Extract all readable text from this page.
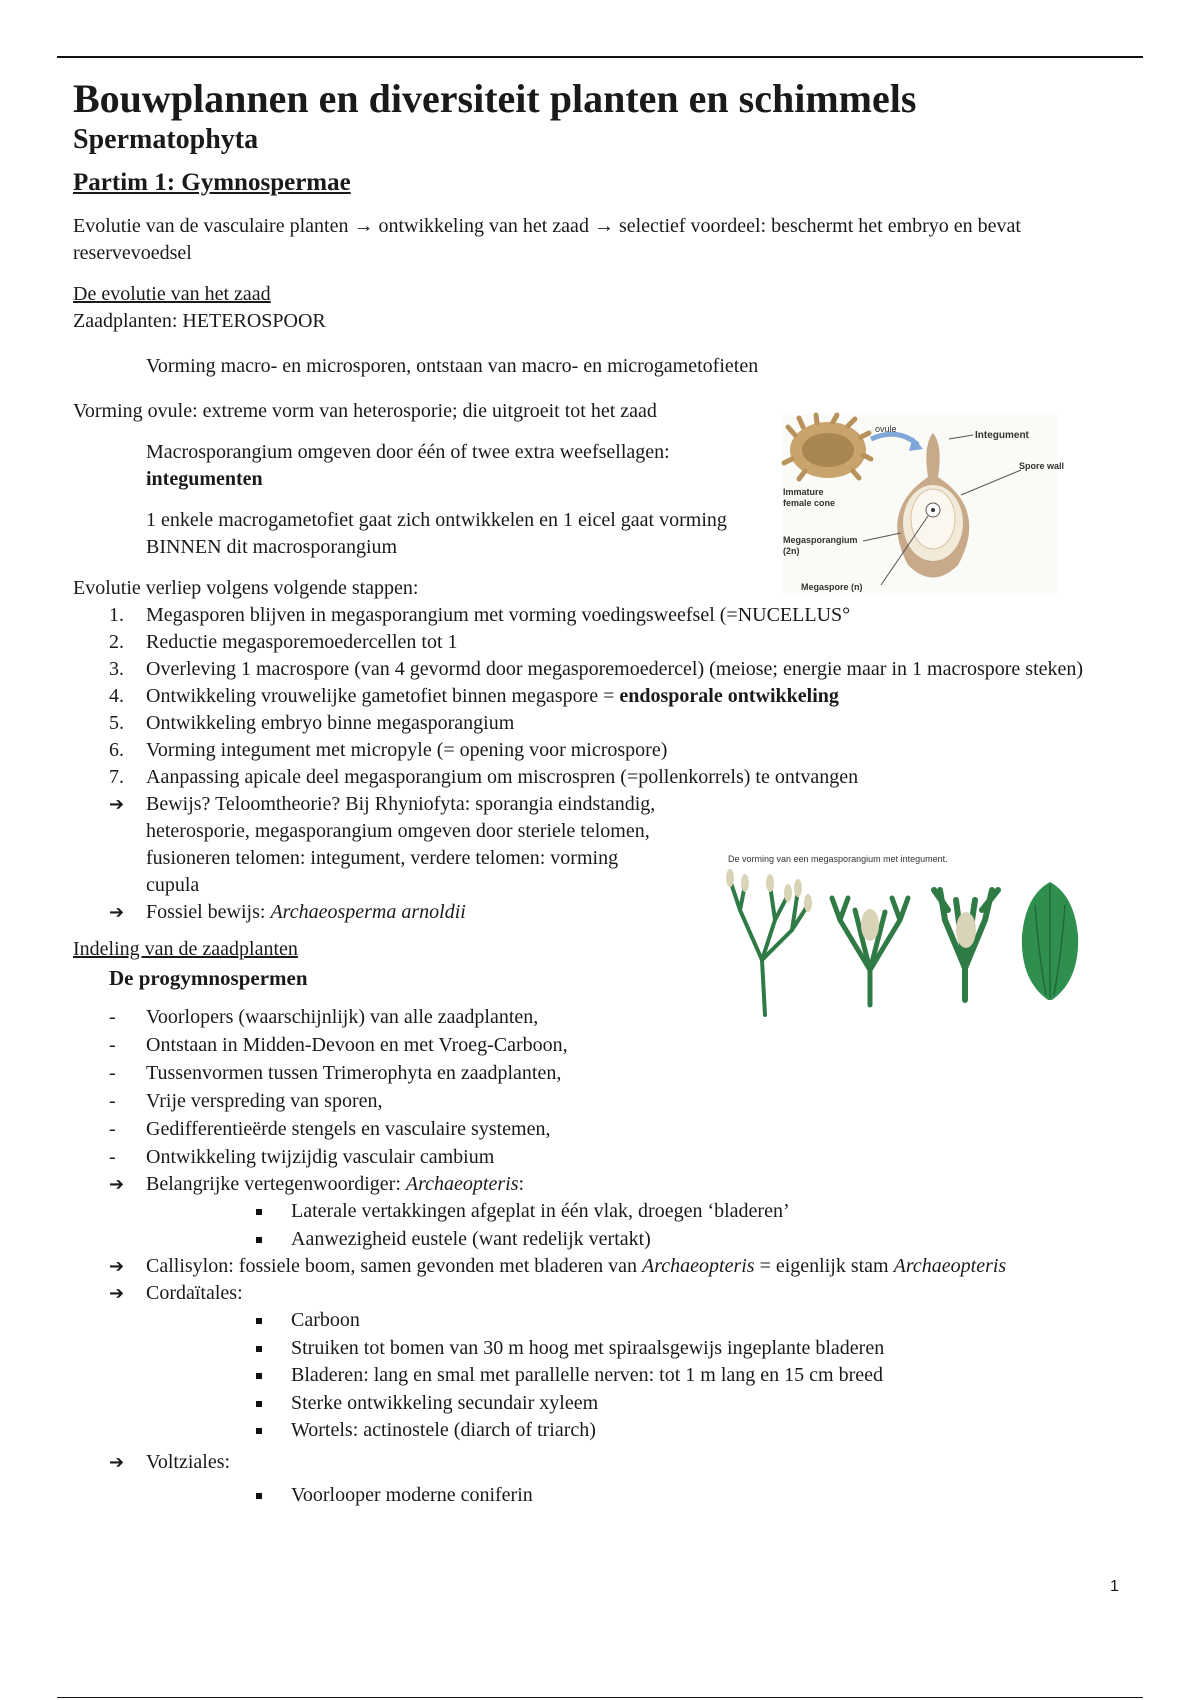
Bouwplannen en diversiteit planten en schimmels
Spermatophyta
Partim 1: Gymnospermae

Evolutie van de vasculaire planten → ontwikkeling van het zaad → selectief voordeel: beschermt het embryo en bevat reservevoedsel

De evolutie van het zaad

Zaadplanten: HETEROSPOOR

Vorming macro- en microsporen, ontstaan van macro- en microgametofieten

Vorming ovule: extreme vorm van heterosporie; die uitgroeit tot het zaad

Macrosporangium omgeven door één of twee extra weefsellagen:
integumenten

1 enkele macrogametofiet gaat zich ontwikkelen en 1 eicel gaat vorming BINNEN dit macrosporangium

Evolutie verliep volgens volgende stappen:

1. Megasporen blijven in megasporangium met vorming voedingsweefsel (=NUCELLUS°
2. Reductie megasporemoedercellen tot 1
3. Overleving 1 macrospore (van 4 gevormd door megasporemoedercel) (meiose; energie maar in 1 macrospore steken)
4. Ontwikkeling vrouwelijke gametofiet binnen megaspore = endosporale ontwikkeling
5. Ontwikkeling embryo binne megasporangium
6. Vorming integument met micropyle (= opening voor microspore)
7. Aanpassing apicale deel megasporangium om miscrospren (=pollenkorrels) te ontvangen
➔ Bewijs? Teloomtheorie? Bij Rhyniofyta: sporangia eindstandig, heterosporie, megasporangium omgeven door steriele telomen, fusioneren telomen: integument, verdere telomen: vorming cupula
➔ Fossiel bewijs: Archaeosperma arnoldii

Indeling van de zaadplanten

De progymnospermen

- Voorlopers (waarschijnlijk) van alle zaadplanten,
- Ontstaan in Midden-Devoon en met Vroeg-Carboon,
- Tussenvormen tussen Trimerophyta en zaadplanten,
- Vrije verspreding van sporen,
- Gedifferentieërde stengels en vasculaire systemen,
- Ontwikkeling twijzijdig vasculair cambium
➔ Belangrijke vertegenwoordiger: Archaeopteris:
Laterale vertakkingen afgeplat in één vlak, droegen ‘bladeren’
Aanwezigheid eustele (want redelijk vertakt)
➔ Callisylon: fossiele boom, samen gevonden met bladeren van Archaeopteris = eigenlijk stam Archaeopteris
➔ Cordaïtales:
Carboon
Struiken tot bomen van 30 m hoog met spiraalsgewijs ingeplante bladeren
Bladeren: lang en smal met parallelle nerven: tot 1 m lang en 15 cm breed
Sterke ontwikkeling secundair xyleem
Wortels: actinostele (diarch of triarch)
➔ Voltziales:
Voorlooper moderne coniferin
ovule
Integument
Spore wall
Immature
female cone
Megasporangium
(2n)
Megaspore (n)
De vorming van een megasporangium met integument.
1
